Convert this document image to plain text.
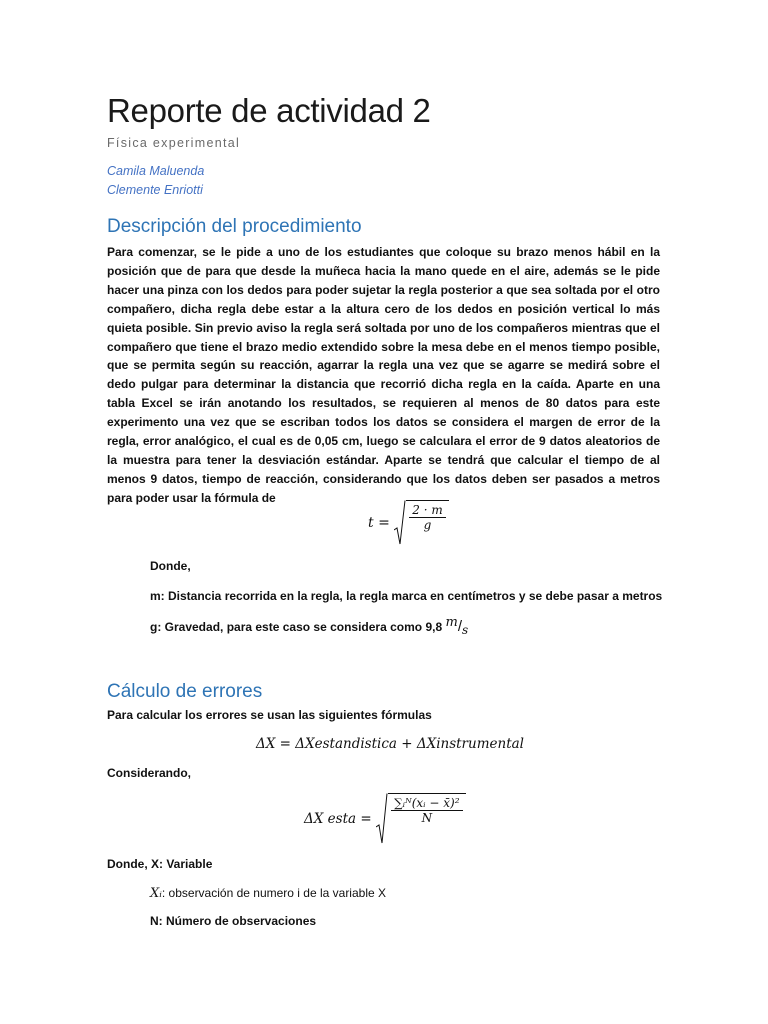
Reporte de actividad 2
Física experimental
Camila Maluenda
Clemente Enriotti
Descripción del procedimiento
Para comenzar, se le pide a uno de los estudiantes que coloque su brazo menos hábil en la posición que de para que desde la muñeca hacia la mano quede en el aire, además se le pide hacer una pinza con los dedos para poder sujetar la regla posterior a que sea soltada por el otro compañero, dicha regla debe estar a la altura cero de los dedos en posición vertical lo más quieta posible. Sin previo aviso la regla será soltada por uno de los compañeros mientras que el compañero que tiene el brazo medio extendido sobre la mesa debe en el menos tiempo posible, que se permita según su reacción, agarrar la regla una vez que se agarre se medirá sobre el dedo pulgar para determinar la distancia que recorrió dicha regla en la caída. Aparte en una tabla Excel se irán anotando los resultados, se requieren al menos de 80 datos para este experimento una vez que se escriban todos los datos se considera el margen de error de la regla, error analógico, el cual es de 0,05 cm, luego se calculara el error de 9 datos aleatorios de la muestra para tener la desviación estándar. Aparte se tendrá que calcular el tiempo de al menos 9 datos, tiempo de reacción, considerando que los datos deben ser pasados a metros para poder usar la fórmula de
$t = \frac{2 \cdot m}{g}$
Donde,
m: Distancia recorrida en la regla, la regla marca en centímetros y se debe pasar a metros
g: Gravedad, para este caso se considera como 9,8 m/s
Cálculo de errores
Para calcular los errores se usan las siguientes fórmulas
ΔX = ΔXestandistica + ΔXinstrumental
Considerando,
ΔX esta = $\frac{\text{∑ᵢᴺ(xᵢ − x̄)²}}{N}$
Donde, X: Variable
Xᵢ: observación de numero i de la variable X
N: Número de observaciones
